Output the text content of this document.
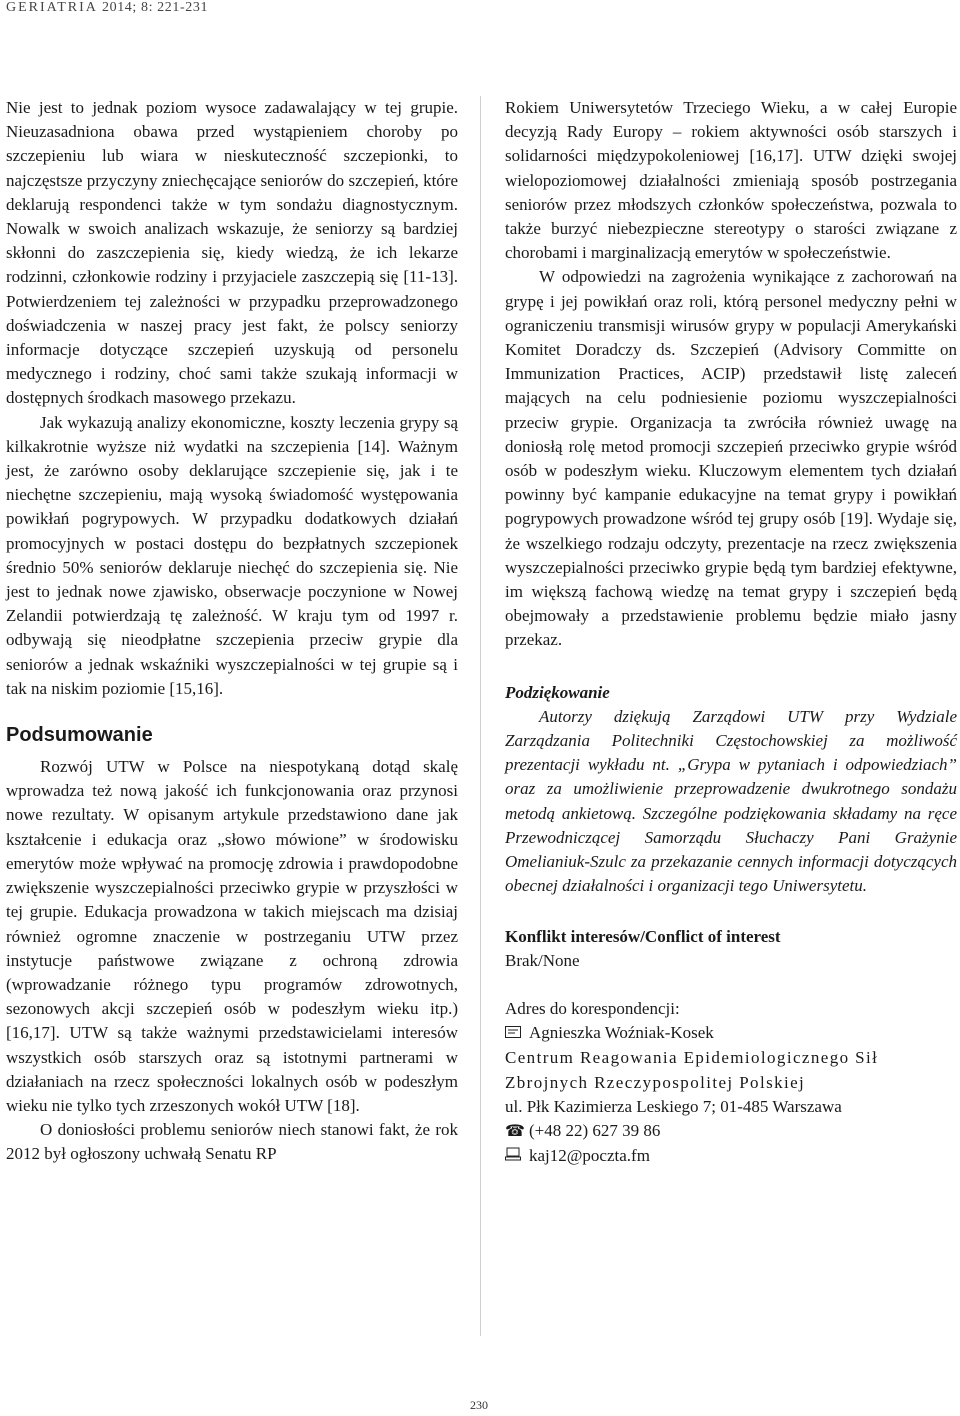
GERIATRIA 2014; 8: 221-231

Nie jest to jednak poziom wysoce zadawalający w tej grupie. Nieuzasadniona obawa przed wystąpieniem choroby po szczepieniu lub wiara w nieskuteczność szczepionki, to najczęstsze przyczyny zniechęcające seniorów do szczepień, które deklarują respondenci także w tym sondażu diagnostycznym. Nowalk w swoich analizach wskazuje, że seniorzy są bardziej skłonni do zaszczepienia się, kiedy wiedzą, że ich lekarze rodzinni, członkowie rodziny i przyjaciele zaszczepią się [11-13]. Potwierdzeniem tej zależności w przypadku przeprowadzonego doświadczenia w naszej pracy jest fakt, że polscy seniorzy informacje dotyczące szczepień uzyskują od personelu medycznego i rodziny, choć sami także szukają informacji w dostępnych środkach masowego przekazu.

Jak wykazują analizy ekonomiczne, koszty leczenia grypy są kilkakrotnie wyższe niż wydatki na szczepienia [14]. Ważnym jest, że zarówno osoby deklarujące szczepienie się, jak i te niechętne szczepieniu, mają wysoką świadomość występowania powikłań pogrypowych. W przypadku dodatkowych działań promocyjnych w postaci dostępu do bezpłatnych szczepionek średnio 50% seniorów deklaruje niechęć do szczepienia się. Nie jest to jednak nowe zjawisko, obserwacje poczynione w Nowej Zelandii potwierdzają tę zależność. W kraju tym od 1997 r. odbywają się nieodpłatne szczepienia przeciw grypie dla seniorów a jednak wskaźniki wyszczepialności w tej grupie są i tak na niskim poziomie [15,16].

Podsumowanie

Rozwój UTW w Polsce na niespotykaną dotąd skalę wprowadza też nową jakość ich funkcjonowania oraz przynosi nowe rezultaty. W opisanym artykule przedstawiono dane jak kształcenie i edukacja oraz „słowo mówione” w środowisku emerytów może wpływać na promocję zdrowia i prawdopodobne zwiększenie wyszczepialności przeciwko grypie w przyszłości w tej grupie. Edukacja prowadzona w takich miejscach ma dzisiaj również ogromne znaczenie w postrzeganiu UTW przez instytucje państwowe związane z ochroną zdrowia (wprowadzanie różnego typu programów zdrowotnych, sezonowych akcji szczepień osób w podeszłym wieku itp.) [16,17]. UTW są także ważnymi przedstawicielami interesów wszystkich osób starszych oraz są istotnymi partnerami w działaniach na rzecz społeczności lokalnych osób w podeszłym wieku nie tylko tych zrzeszonych wokół UTW [18].

O doniosłości problemu seniorów niech stanowi fakt, że rok 2012 był ogłoszony uchwałą Senatu RP

Rokiem Uniwersytetów Trzeciego Wieku, a w całej Europie decyzją Rady Europy – rokiem aktywności osób starszych i solidarności międzypokoleniowej [16,17]. UTW dzięki swojej wielopoziomowej działalności zmieniają sposób postrzegania seniorów przez młodszych członków społeczeństwa, pozwala to także burzyć niebezpieczne stereotypy o starości związane z chorobami i marginalizacją emerytów w społeczeństwie.

W odpowiedzi na zagrożenia wynikające z zachorowań na grypę i jej powikłań oraz roli, którą personel medyczny pełni w ograniczeniu transmisji wirusów grypy w populacji Amerykański Komitet Doradczy ds. Szczepień (Advisory Committe on Immunization Practices, ACIP) przedstawił listę zaleceń mających na celu podniesienie poziomu wyszczepialności przeciw grypie. Organizacja ta zwróciła również uwagę na doniosłą rolę metod promocji szczepień przeciwko grypie wśród osób w podeszłym wieku. Kluczowym elementem tych działań powinny być kampanie edukacyjne na temat grypy i powikłań pogrypowych prowadzone wśród tej grupy osób [19]. Wydaje się, że wszelkiego rodzaju odczyty, prezentacje na rzecz zwiększenia wyszczepialności przeciwko grypie będą tym bardziej efektywne, im większą fachową wiedzę na temat grypy i szczepień będą obejmowały a przedstawienie problemu będzie miało jasny przekaz.

Podziękowanie

Autorzy dziękują Zarządowi UTW przy Wydziale Zarządzania Politechniki Częstochowskiej za możliwość prezentacji wykładu nt. „Grypa w pytaniach i odpowiedziach” oraz za umożliwienie przeprowadzenie dwukrotnego sondażu metodą ankietową. Szczególne podziękowania składamy na ręce Przewodniczącej Samorządu Słuchaczy Pani Grażynie Omelianiuk-Szulc za przekazanie cennych informacji dotyczących obecnej działalności i organizacji tego Uniwersytetu.

Konflikt interesów/Conflict of interest

Brak/None

Adres do korespondencji:

Agnieszka Woźniak-Kosek

Centrum Reagowania Epidemiologicznego Sił Zbrojnych Rzeczypospolitej Polskiej

ul. Płk Kazimierza Leskiego 7; 01-485 Warszawa

☎ (+48 22) 627 39 86

kaj12@poczta.fm

230
